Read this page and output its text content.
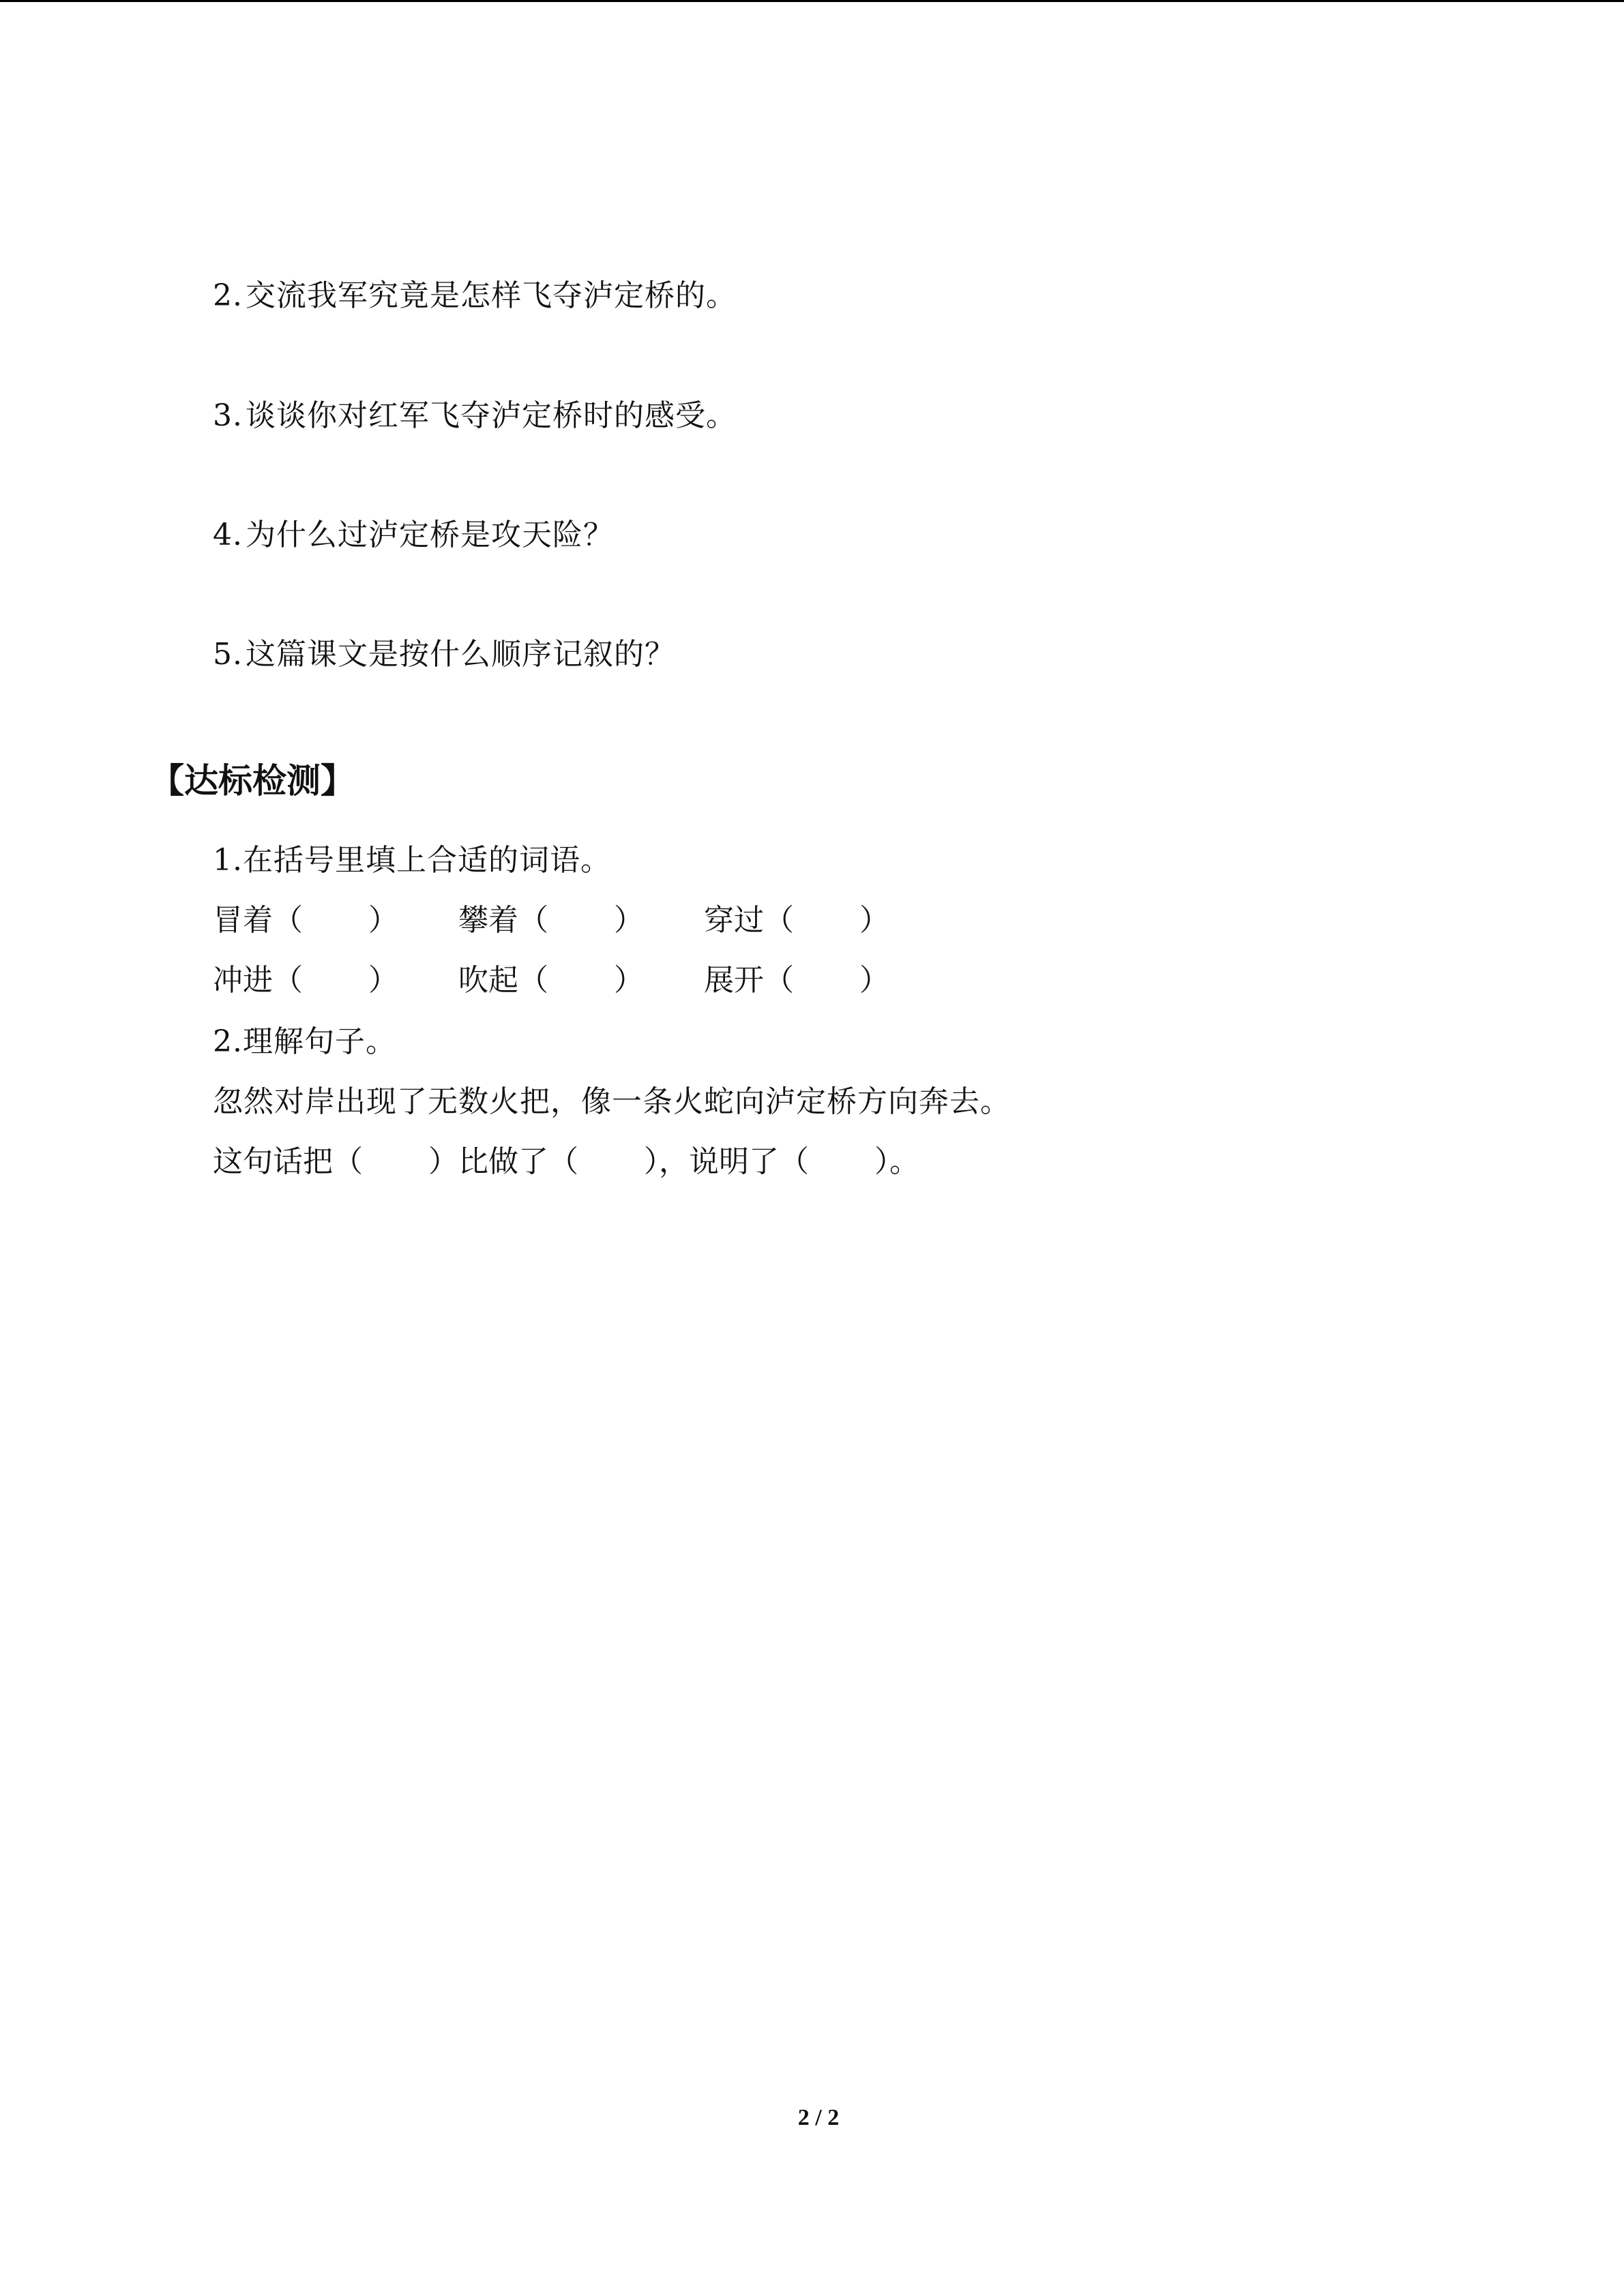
2.交流我军究竟是怎样飞夺泸定桥的。
3.谈谈你对红军飞夺泸定桥时的感受。
4.为什么过泸定桥是攻天险？
5.这篇课文是按什么顺序记叙的？
【达标检测】
1.在括号里填上合适的词语。
冒着（ ） 攀着（ ） 穿过（ ）
冲进（ ） 吹起（ ） 展开（ ）
2.理解句子。
忽然对岸出现了无数火把，像一条火蛇向泸定桥方向奔去。
这句话把（ ）比做了（ ），说明了（ ）。
2 / 2
